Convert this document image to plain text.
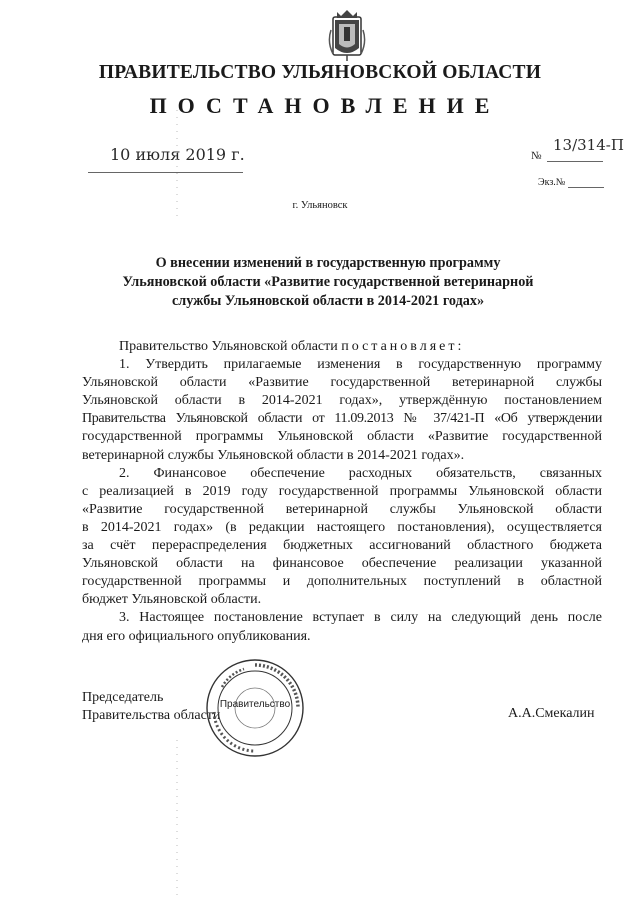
ПРАВИТЕЛЬСТВО УЛЬЯНОВСКОЙ ОБЛАСТИ
ПОСТАНОВЛЕНИЕ
10 июля 2019 г.	№
13/314-П
Экз.№
г. Ульяновск
О внесении изменений в государственную программу
Ульяновской области «Развитие государственной ветеринарной
службы Ульяновской области в 2014-2021 годах»
Правительство Ульяновской области постановляет:
1. Утвердить прилагаемые изменения в государственную программу
Ульяновской области «Развитие государственной ветеринарной службы
Ульяновской области в 2014-2021 годах», утверждённую постановлением
Правительства Ульяновской области от 11.09.2013 № 37/421-П «Об утверждении
государственной программы Ульяновской области «Развитие государственной
ветеринарной службы Ульяновской области в 2014-2021 годах».
2. Финансовое обеспечение расходных обязательств, связанных
с реализацией в 2019 году государственной программы Ульяновской области
«Развитие государственной ветеринарной службы Ульяновской области
в 2014-2021 годах» (в редакции настоящего постановления), осуществляется
за счёт перераспределения бюджетных ассигнований областного бюджета
Ульяновской области на финансовое обеспечение реализации указанной
государственной программы и дополнительных поступлений в областной
бюджет Ульяновской области.
3. Настоящее постановление вступает в силу на следующий день после
дня его официального опубликования.
Председатель
Правительства области
Правительство
А.А.Смекалин
